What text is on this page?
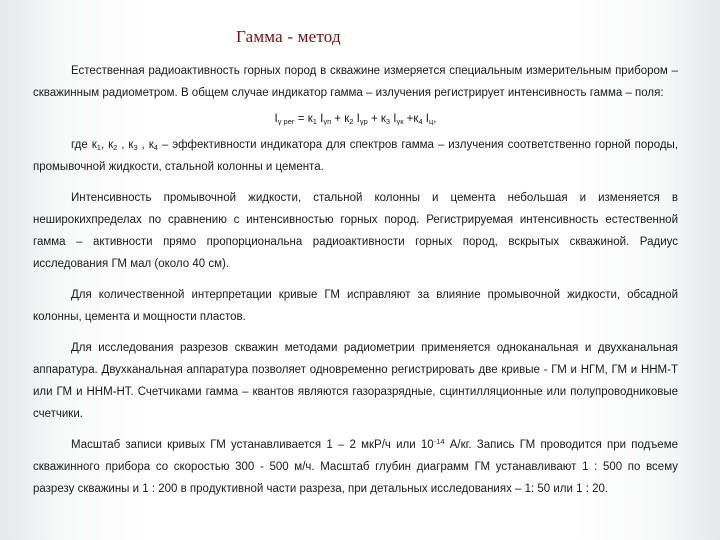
Гамма - метод

Естественная радиоактивность горных пород в скважине измеряется специальным измерительным прибором – скважинным радиометром. В общем случае индикатор гамма – излучения регистрирует интенсивность гамма – поля:

$I_{\gamma рег} = к_1$ $I_{\gamma п} + к_2$ $I_{\gamma р} + к_3$ $I_{\gamma к} +к_4$ $I_ц$,

где $к_1$, $к_2$ , $к_3$ , $к_4$ – эффективности индикатора для спектров гамма – излучения соответственно горной породы, промывочной жидкости, стальной колонны и цемента.

Интенсивность промывочной жидкости, стальной колонны и цемента небольшая и изменяется в неширокихпределах по сравнению с интенсивностью горных пород. Регистрируемая интенсивность естественной гамма – активности прямо пропорциональна радиоактивности горных пород, вскрытых скважиной. Радиус исследования ГМ мал (около 40 см).

Для количественной интерпретации кривые ГМ исправляют за влияние промывочной жидкости, обсадной колонны, цемента и мощности пластов.

Для исследования разрезов скважин методами радиометрии применяется одноканальная и двухканальная аппаратура. Двухканальная аппаратура позволяет одновременно регистрировать две кривые - ГМ и НГМ, ГМ и ННМ-Т или ГМ и ННМ-НТ. Счетчиками гамма – квантов являются газоразрядные, сцинтилляционные или полупроводниковые счетчики.

Масштаб записи кривых ГМ устанавливается 1 – 2 мкР/ч или $10^{-14}$ А/кг. Запись ГМ проводится при подъеме скважинного прибора со скоростью 300 - 500 м/ч. Масштаб глубин диаграмм ГМ устанавливают 1 : 500 по всему разрезу скважины и 1 : 200 в продуктивной части разреза, при детальных исследованиях – 1: 50 или 1 : 20.
